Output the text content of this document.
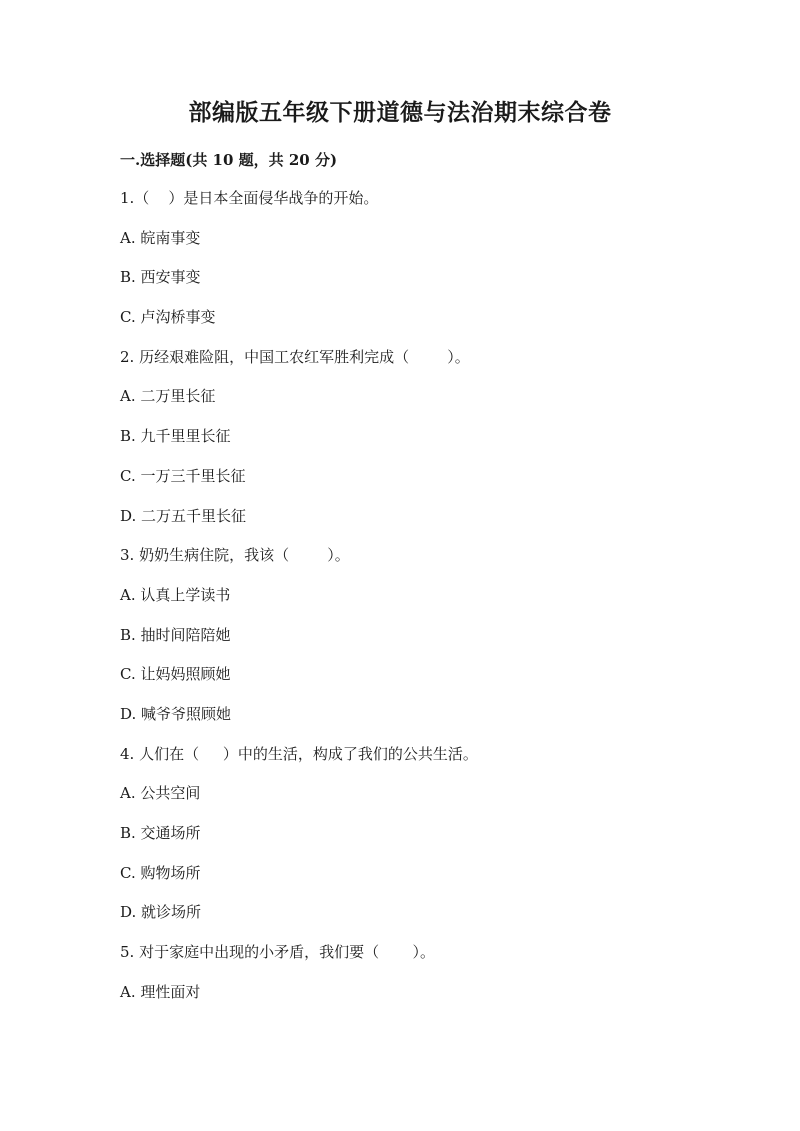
部编版五年级下册道德与法治期末综合卷
一.选择题(共 10 题，共 20 分)
1.（    ）是日本全面侵华战争的开始。
A. 皖南事变
B. 西安事变
C. 卢沟桥事变
2. 历经艰难险阻，中国工农红军胜利完成（        ）。
A. 二万里长征
B. 九千里里长征
C. 一万三千里长征
D. 二万五千里长征
3. 奶奶生病住院，我该（        ）。
A. 认真上学读书
B. 抽时间陪陪她
C. 让妈妈照顾她
D. 喊爷爷照顾她
4. 人们在（     ）中的生活，构成了我们的公共生活。
A. 公共空间
B. 交通场所
C. 购物场所
D. 就诊场所
5. 对于家庭中出现的小矛盾，我们要（       ）。
A. 理性面对
